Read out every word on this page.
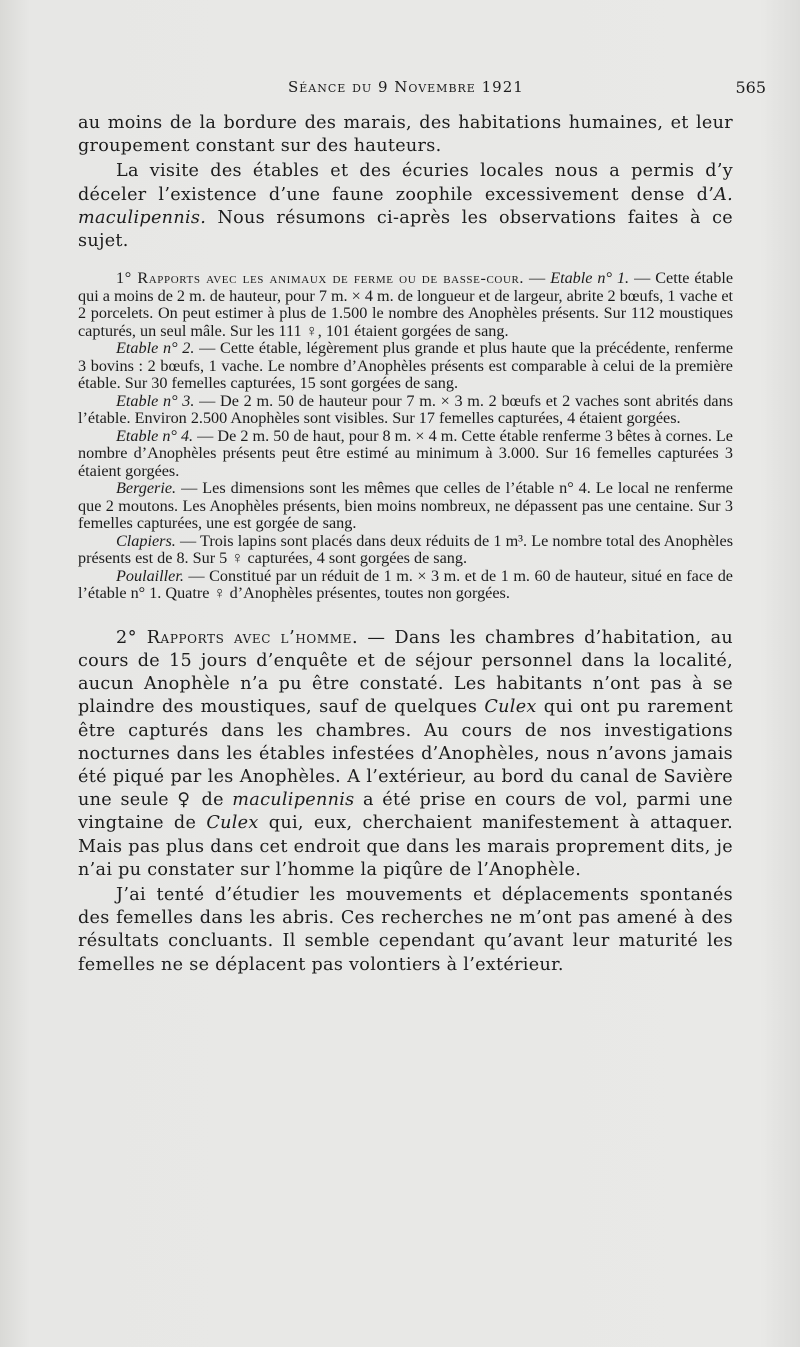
Séance du 9 Novembre 1921	565

au moins de la bordure des marais, des habitations humaines, et leur groupement constant sur des hauteurs.

La visite des étables et des écuries locales nous a permis d’y déceler l’existence d’une faune zoophile excessivement dense d’A. maculipennis. Nous résumons ci-après les observations faites à ce sujet.

1° Rapports avec les animaux de ferme ou de basse-cour. — Etable n° 1. — Cette étable qui a moins de 2 m. de hauteur, pour 7 m. × 4 m. de longueur et de largeur, abrite 2 bœufs, 1 vache et 2 porcelets. On peut estimer à plus de 1.500 le nombre des Anophèles présents. Sur 112 moustiques capturés, un seul mâle. Sur les 111 ♀, 101 étaient gorgées de sang.

Etable n° 2. — Cette étable, légèrement plus grande et plus haute que la précédente, renferme 3 bovins : 2 bœufs, 1 vache. Le nombre d’Anophèles présents est comparable à celui de la première étable. Sur 30 femelles capturées, 15 sont gorgées de sang.

Etable n° 3. — De 2 m. 50 de hauteur pour 7 m. × 3 m. 2 bœufs et 2 vaches sont abrités dans l’étable. Environ 2.500 Anophèles sont visibles. Sur 17 femelles capturées, 4 étaient gorgées.

Etable n° 4. — De 2 m. 50 de haut, pour 8 m. × 4 m. Cette étable renferme 3 bêtes à cornes. Le nombre d’Anophèles présents peut être estimé au minimum à 3.000. Sur 16 femelles capturées 3 étaient gorgées.

Bergerie. — Les dimensions sont les mêmes que celles de l’étable n° 4. Le local ne renferme que 2 moutons. Les Anophèles présents, bien moins nombreux, ne dépassent pas une centaine. Sur 3 femelles capturées, une est gorgée de sang.

Clapiers. — Trois lapins sont placés dans deux réduits de 1 m³. Le nombre total des Anophèles présents est de 8. Sur 5 ♀ capturées, 4 sont gorgées de sang.

Poulailler. — Constitué par un réduit de 1 m. × 3 m. et de 1 m. 60 de hauteur, situé en face de l’étable n° 1. Quatre ♀ d’Anophèles présentes, toutes non gorgées.

2° Rapports avec l’homme. — Dans les chambres d’habitation, au cours de 15 jours d’enquête et de séjour personnel dans la localité, aucun Anophèle n’a pu être constaté. Les habitants n’ont pas à se plaindre des moustiques, sauf de quelques Culex qui ont pu rarement être capturés dans les chambres. Au cours de nos investigations nocturnes dans les étables infestées d’Anophèles, nous n’avons jamais été piqué par les Anophèles. A l’extérieur, au bord du canal de Savière une seule ♀ de maculipennis a été prise en cours de vol, parmi une vingtaine de Culex qui, eux, cherchaient manifestement à attaquer. Mais pas plus dans cet endroit que dans les marais proprement dits, je n’ai pu constater sur l’homme la piqûre de l’Anophèle.

J’ai tenté d’étudier les mouvements et déplacements spontanés des femelles dans les abris. Ces recherches ne m’ont pas amené à des résultats concluants. Il semble cependant qu’avant leur maturité les femelles ne se déplacent pas volontiers à l’extérieur.
